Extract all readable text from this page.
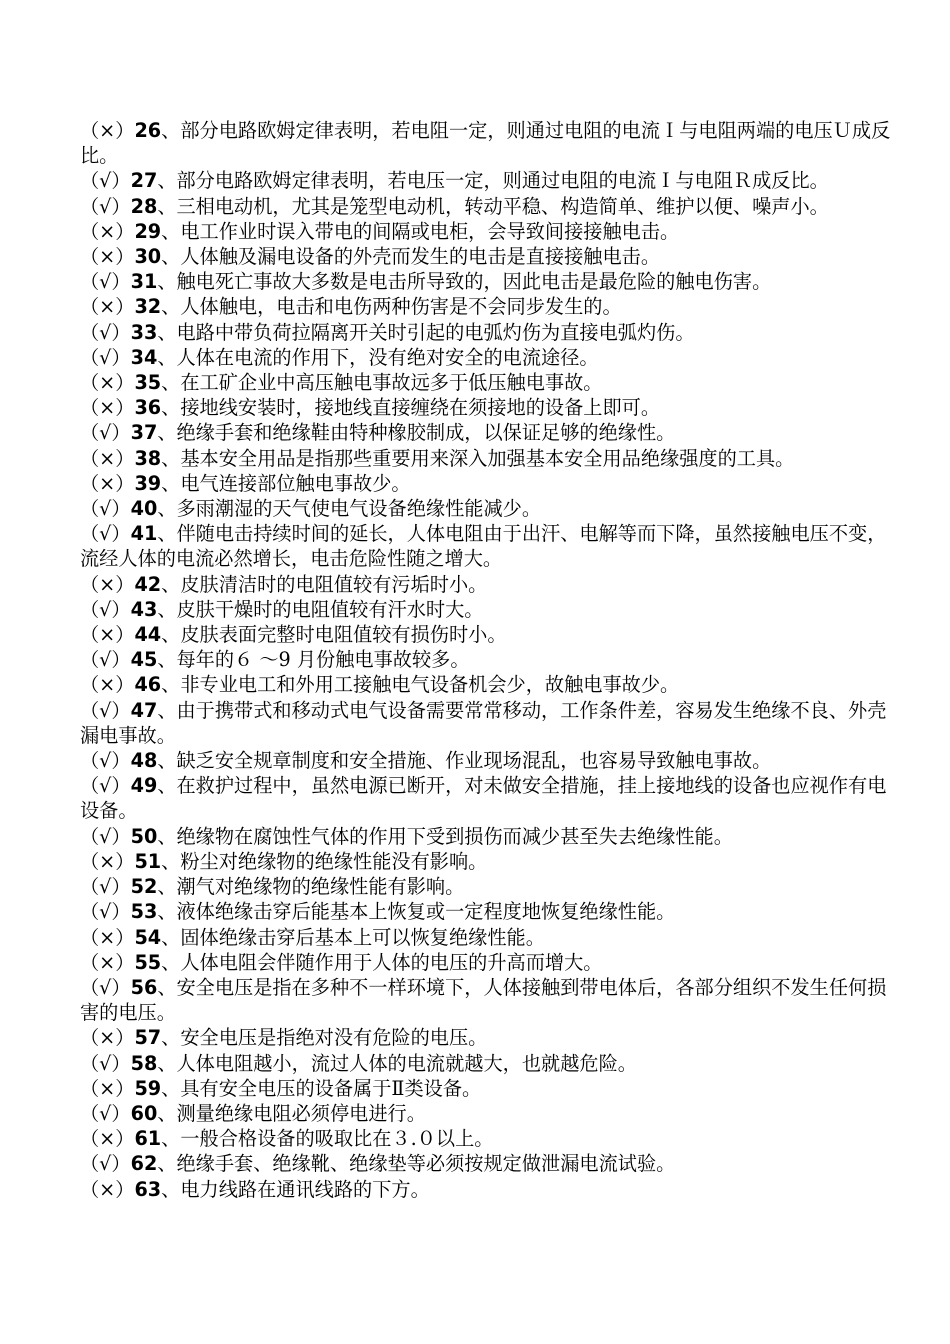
（×）26、部分电路欧姆定律表明，若电阻一定，则通过电阻的电流Ｉ与电阻两端的电压Ｕ成反比。

（√）27、部分电路欧姆定律表明，若电压一定，则通过电阻的电流Ｉ与电阻Ｒ成反比。

（√）28、三相电动机，尤其是笼型电动机，转动平稳、构造简单、维护以便、噪声小。

（×）29、电工作业时误入带电的间隔或电柜，会导致间接接触电击。

（×）30、人体触及漏电设备的外壳而发生的电击是直接接触电击。

（√）31、触电死亡事故大多数是电击所导致的，因此电击是最危险的触电伤害。

（×）32、人体触电，电击和电伤两种伤害是不会同步发生的。

（√）33、电路中带负荷拉隔离开关时引起的电弧灼伤为直接电弧灼伤。

（√）34、人体在电流的作用下，没有绝对安全的电流途径。

（×）35、在工矿企业中高压触电事故远多于低压触电事故。

（×）36、接地线安装时，接地线直接缠绕在须接地的设备上即可。

（√）37、绝缘手套和绝缘鞋由特种橡胶制成，以保证足够的绝缘性。

（×）38、基本安全用品是指那些重要用来深入加强基本安全用品绝缘强度的工具。

（×）39、电气连接部位触电事故少。

（√）40、多雨潮湿的天气使电气设备绝缘性能减少。

（√）41、伴随电击持续时间的延长，人体电阻由于出汗、电解等而下降，虽然接触电压不变，流经人体的电流必然增长，电击危险性随之增大。

（×）42、皮肤清洁时的电阻值较有污垢时小。

（√）43、皮肤干燥时的电阻值较有汗水时大。

（×）44、皮肤表面完整时电阻值较有损伤时小。

（√）45、每年的６ ～9 月份触电事故较多。

（×）46、非专业电工和外用工接触电气设备机会少，故触电事故少。

（√）47、由于携带式和移动式电气设备需要常常移动，工作条件差，容易发生绝缘不良、外壳漏电事故。

（√）48、缺乏安全规章制度和安全措施、作业现场混乱，也容易导致触电事故。

（√）49、在救护过程中，虽然电源已断开，对未做安全措施，挂上接地线的设备也应视作有电设备。

（√）50、绝缘物在腐蚀性气体的作用下受到损伤而减少甚至失去绝缘性能。

（×）51、粉尘对绝缘物的绝缘性能没有影响。

（√）52、潮气对绝缘物的绝缘性能有影响。

（√）53、液体绝缘击穿后能基本上恢复或一定程度地恢复绝缘性能。

（×）54、固体绝缘击穿后基本上可以恢复绝缘性能。

（×）55、人体电阻会伴随作用于人体的电压的升高而增大。

（√）56、安全电压是指在多种不一样环境下，人体接触到带电体后，各部分组织不发生任何损害的电压。

（×）57、安全电压是指绝对没有危险的电压。

（√）58、人体电阻越小，流过人体的电流就越大，也就越危险。

（×）59、具有安全电压的设备属于Ⅱ类设备。

（√）60、测量绝缘电阻必须停电进行。

（×）61、一般合格设备的吸取比在３.０以上。

（√）62、绝缘手套、绝缘靴、绝缘垫等必须按规定做泄漏电流试验。

（×）63、电力线路在通讯线路的下方。
